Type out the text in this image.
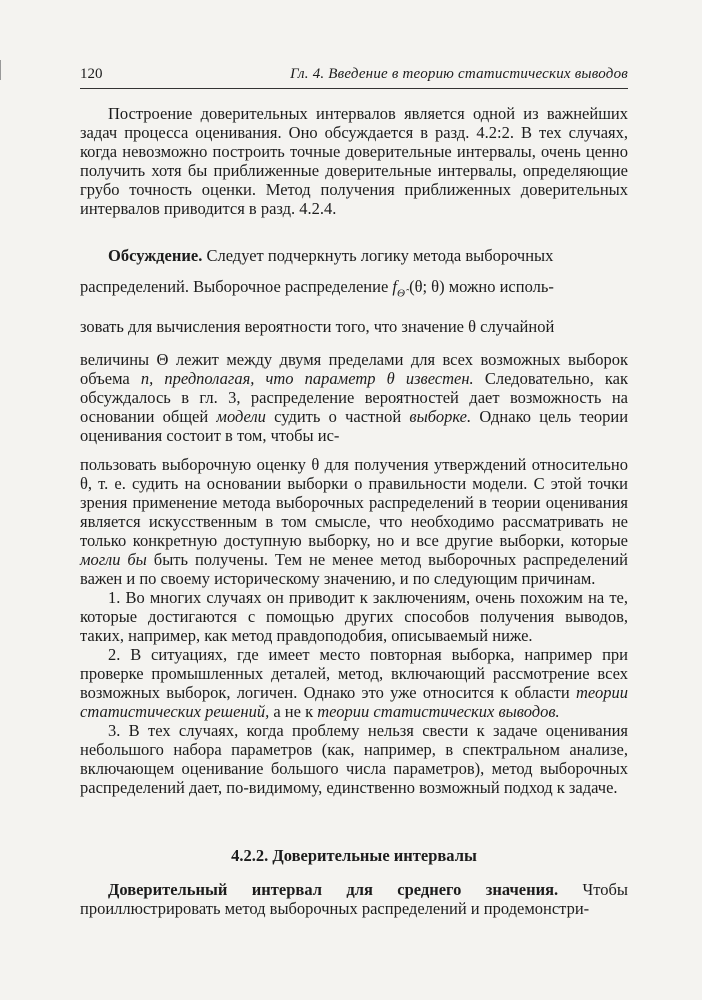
120	Гл. 4. Введение в теорию статистических выводов

Построение доверительных интервалов является одной из важнейших задач процесса оценивания. Оно обсуждается в разд. 4.2:2. В тех случаях, когда невозможно построить точные доверительные интервалы, очень ценно получить хотя бы приближенные доверительные интервалы, определяющие грубо точность оценки. Метод получения приближенных доверительных интервалов приводится в разд. 4.2.4.

Обсуждение. Следует подчеркнуть логику метода выборочных

распределений. Выборочное распределение $f_{\Thetâ}$ (θ; θ) можно исполь-

зовать для вычисления вероятности того, что значение θ случайной

величины Θ лежит между двумя пределами для всех возможных выборок объема n, предполагая, что параметр θ известен. Следовательно, как обсуждалось в гл. 3, распределение вероятностей дает возможность на основании общей модели судить о частной выборке. Однако цель теории оценивания состоит в том, чтобы ис-

пользовать выборочную оценку θ для получения утверждений относительно θ, т. е. судить на основании выборки о правильности модели. С этой точки зрения применение метода выборочных распределений в теории оценивания является искусственным в том смысле, что необходимо рассматривать не только конкретную доступную выборку, но и все другие выборки, которые могли бы быть получены. Тем не менее метод выборочных распределений важен и по своему историческому значению, и по следующим причинам.

1. Во многих случаях он приводит к заключениям, очень похожим на те, которые достигаются с помощью других способов получения выводов, таких, например, как метод правдоподобия, описываемый ниже.

2. В ситуациях, где имеет место повторная выборка, например при проверке промышленных деталей, метод, включающий рассмотрение всех возможных выборок, логичен. Однако это уже относится к области теории статистических решений, а не к теории статистических выводов.

3. В тех случаях, когда проблему нельзя свести к задаче оценивания небольшого набора параметров (как, например, в спектральном анализе, включающем оценивание большого числа параметров), метод выборочных распределений дает, по-видимому, единственно возможный подход к задаче.

4.2.2. Доверительные интервалы

Доверительный интервал для среднего значения. Чтобы проиллюстрировать метод выборочных распределений и продемонстри-
